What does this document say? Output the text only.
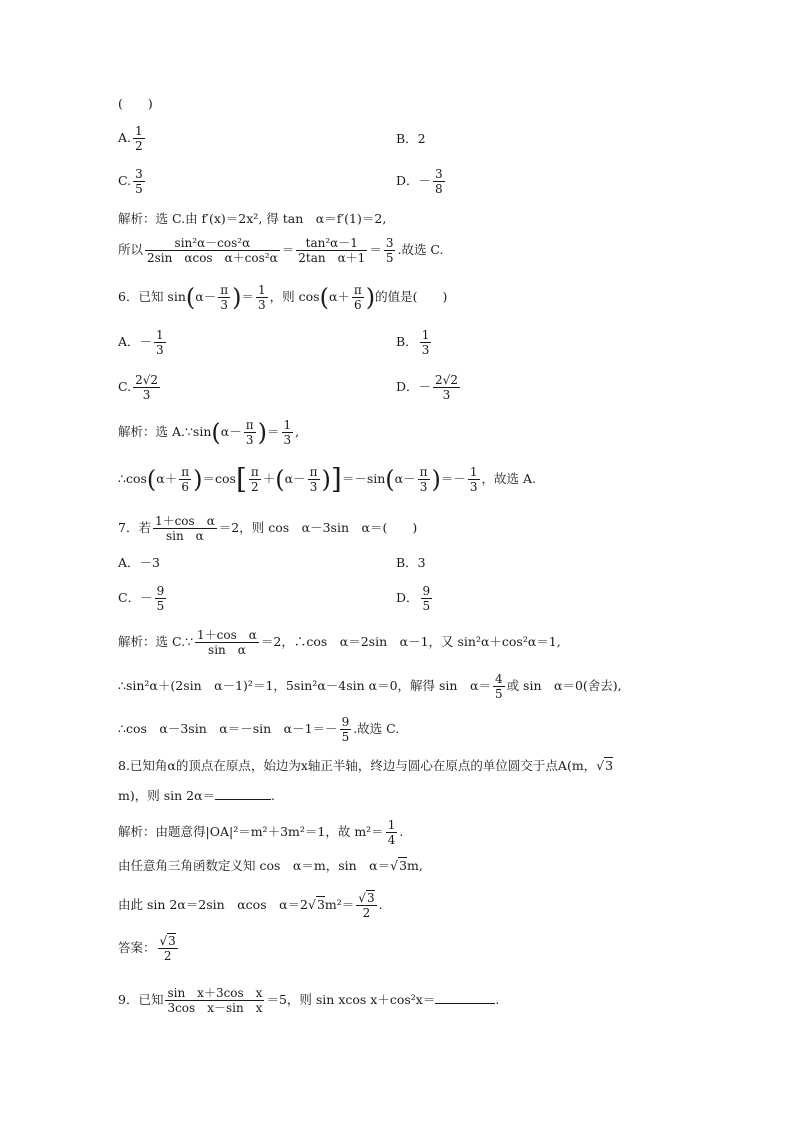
(　　)
A. $\frac{1}{2}$	B．2
C. $\frac{3}{5}$	D．－ $\frac{3}{8}$
解析：选 C.由 f′(x)＝2x², 得 tan　α＝f′(1)＝2,
所以 $\frac{\text{sin²α－cos²α}}{\text{2sin　αcos　α＋cos²α}} = \frac{\text{tan²α－1}}{\text{2tan　α＋1}} = \frac{3}{5}$ .故选 C.
6．已知 $\sin(\alpha- \frac{\pi}{3}$ )＝ $\frac{1}{3}$ ，则 $\cos(\alpha+ \frac{\pi}{6}$ )的值是(　　)
A．－ $\frac{1}{3}$	B． $\frac{1}{3}$
C. $\frac{2√2}{3}$	D．－ $\frac{2√2}{3}$
解析：选 A.∵sin(α－ $\frac{\pi}{3}$ )＝ $\frac{1}{3}$ ,
∴cos(α＋ $\frac{\pi}{6} )=\cos[ \frac{\pi}{2} +(\alpha- \frac{\pi}{3} )]=-\sin(\alpha- \frac{\pi}{3}$ )＝－ $\frac{1}{3}$ ，故选 A.
7．若 $\frac{\text{1＋cos　α}}{\text{sin　α}} =2$，则 cos　α－3sin　α＝(　　)
A．－3	B．3
C．－ $\frac{9}{5}$	D． $\frac{9}{5}$
解析：选 C.∵ $\frac{\text{1＋cos　α}}{\text{sin　α}} =2$，∴cos　α＝2sin　α－1，又 sin²α＋cos²α＝1,
∴sin²α＋(2sin　α－1)²＝1，5sin²α－4sin α＝0，解得 sin　$\alpha= \frac{4}{5}$ 或 sin　α＝0(舍去),
∴cos　α－3sin　α＝－sin　$\alpha-1=- \frac{9}{5}$ .故选 C.
8.已知角α的顶点在原点，始边为x轴正半轴，终边与圆心在原点的单位圆交于点A(m，√3
m)，则 sin 2α＝	.
解析：由题意得|OA|²＝m²＋3m²＝1，故 $m^2= \frac{1}{4}$ .
由任意角三角函数定义知 cos　α＝m，sin　α＝√3m,
由此 sin 2α＝2sin　αcos　$\alpha=2√3m^2= \frac{√3}{2}$ .
答案： $\frac{√3}{2}$
9．已知 $\frac{\text{sin　x＋3cos　x}}{\text{3cos　x－sin　x}} =5$，则 sin xcos x＋cos²x＝	.
